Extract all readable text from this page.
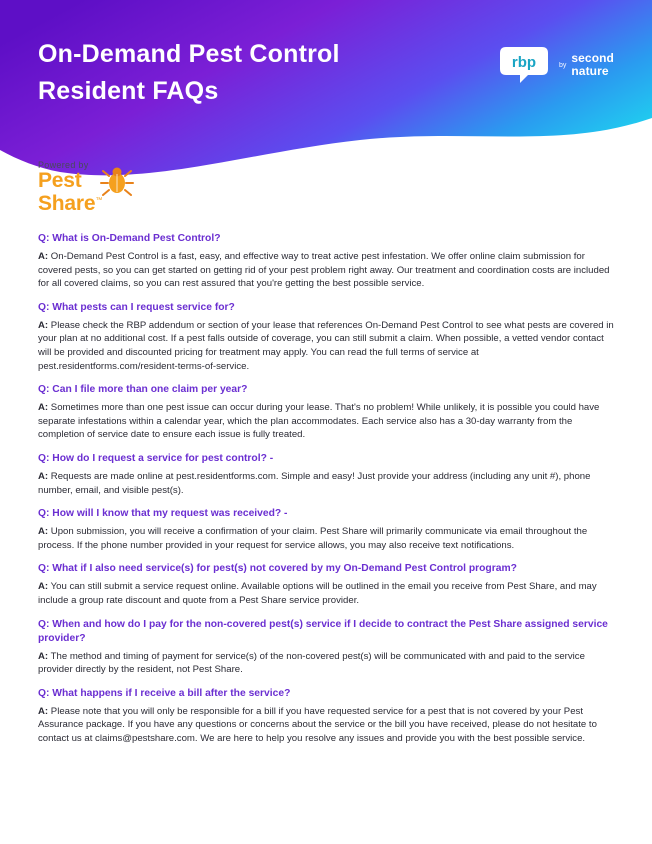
On-Demand Pest Control
Resident FAQs
rbp	by second
nature
Powered by
Pest
Share™

Q: What is On-Demand Pest Control?

A: On-Demand Pest Control is a fast, easy, and effective way to treat active pest infestation. We offer online claim submission for covered pests, so you can get started on getting rid of your pest problem right away. Our treatment and coordination costs are included for all covered claims, so you can rest assured that you're getting the best possible service.

Q: What pests can I request service for?

A: Please check the RBP addendum or section of your lease that references On-Demand Pest Control to see what pests are covered in your plan at no additional cost. If a pest falls outside of coverage, you can still submit a claim. When possible, a vetted vendor contact will be provided and discounted pricing for treatment may apply. You can read the full terms of service at pest.residentforms.com/resident-terms-of-service.

Q: Can I file more than one claim per year?

A: Sometimes more than one pest issue can occur during your lease. That's no problem! While unlikely, it is possible you could have separate infestations within a calendar year, which the plan accommodates. Each service also has a 30-day warranty from the completion of service date to ensure each issue is fully treated.

Q: How do I request a service for pest control? -

A: Requests are made online at pest.residentforms.com. Simple and easy! Just provide your address (including any unit #), phone number, email, and visible pest(s).

Q: How will I know that my request was received? -

A: Upon submission, you will receive a confirmation of your claim. Pest Share will primarily communicate via email throughout the process. If the phone number provided in your request for service allows, you may also receive text notifications.

Q: What if I also need service(s) for pest(s) not covered by my On-Demand Pest Control program?

A: You can still submit a service request online. Available options will be outlined in the email you receive from Pest Share, and may include a group rate discount and quote from a Pest Share service provider.

Q: When and how do I pay for the non-covered pest(s) service if I decide to contract the Pest Share assigned service provider?

A: The method and timing of payment for service(s) of the non-covered pest(s) will be communicated with and paid to the service provider directly by the resident, not Pest Share.

Q: What happens if I receive a bill after the service?

A: Please note that you will only be responsible for a bill if you have requested service for a pest that is not covered by your Pest Assurance package. If you have any questions or concerns about the service or the bill you have received, please do not hesitate to contact us at claims@pestshare.com. We are here to help you resolve any issues and provide you with the best possible service.
